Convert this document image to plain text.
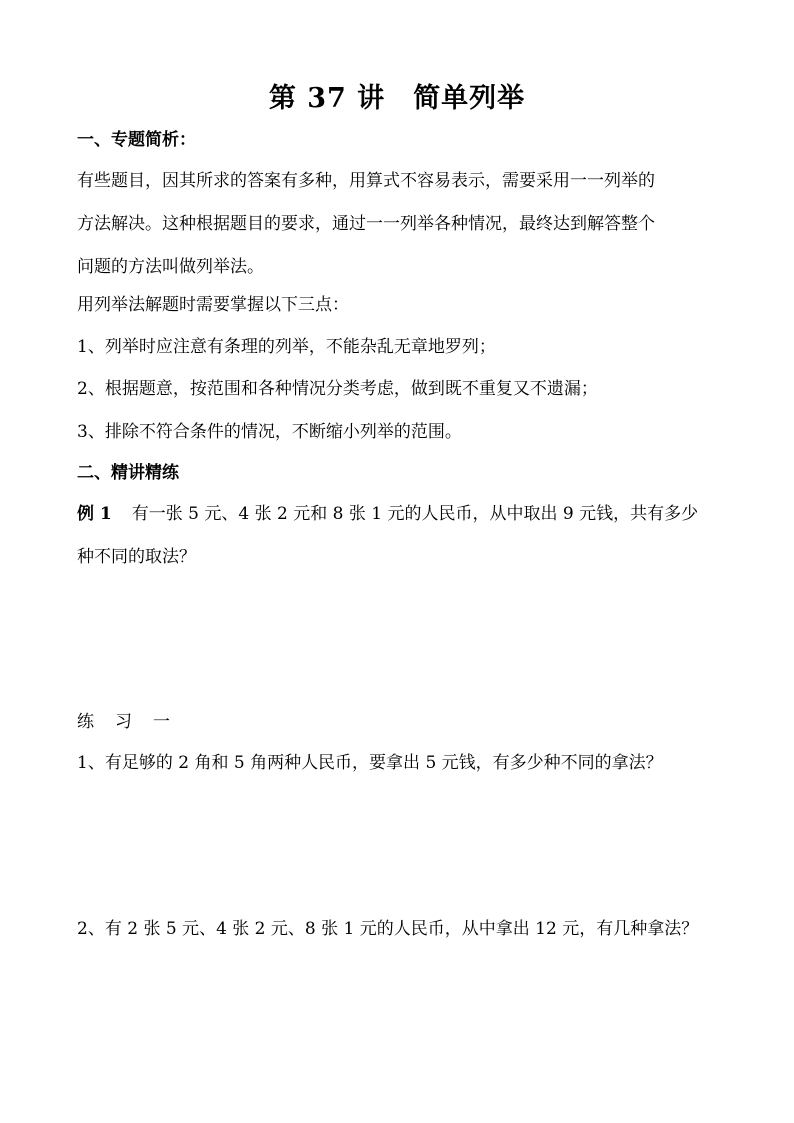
第 37 讲 简单列举
一、专题简析：
有些题目，因其所求的答案有多种，用算式不容易表示，需要采用一一列举的
方法解决。这种根据题目的要求，通过一一列举各种情况，最终达到解答整个
问题的方法叫做列举法。
用列举法解题时需要掌握以下三点：
1、列举时应注意有条理的列举，不能杂乱无章地罗列；
2、根据题意，按范围和各种情况分类考虑，做到既不重复又不遗漏；
3、排除不符合条件的情况，不断缩小列举的范围。
二、精讲精练
例 1 有一张 5 元、4 张 2 元和 8 张 1 元的人民币，从中取出 9 元钱，共有多少
种不同的取法？
练 习 一
1、有足够的 2 角和 5 角两种人民币，要拿出 5 元钱，有多少种不同的拿法？
2、有 2 张 5 元、4 张 2 元、8 张 1 元的人民币，从中拿出 12 元，有几种拿法？
